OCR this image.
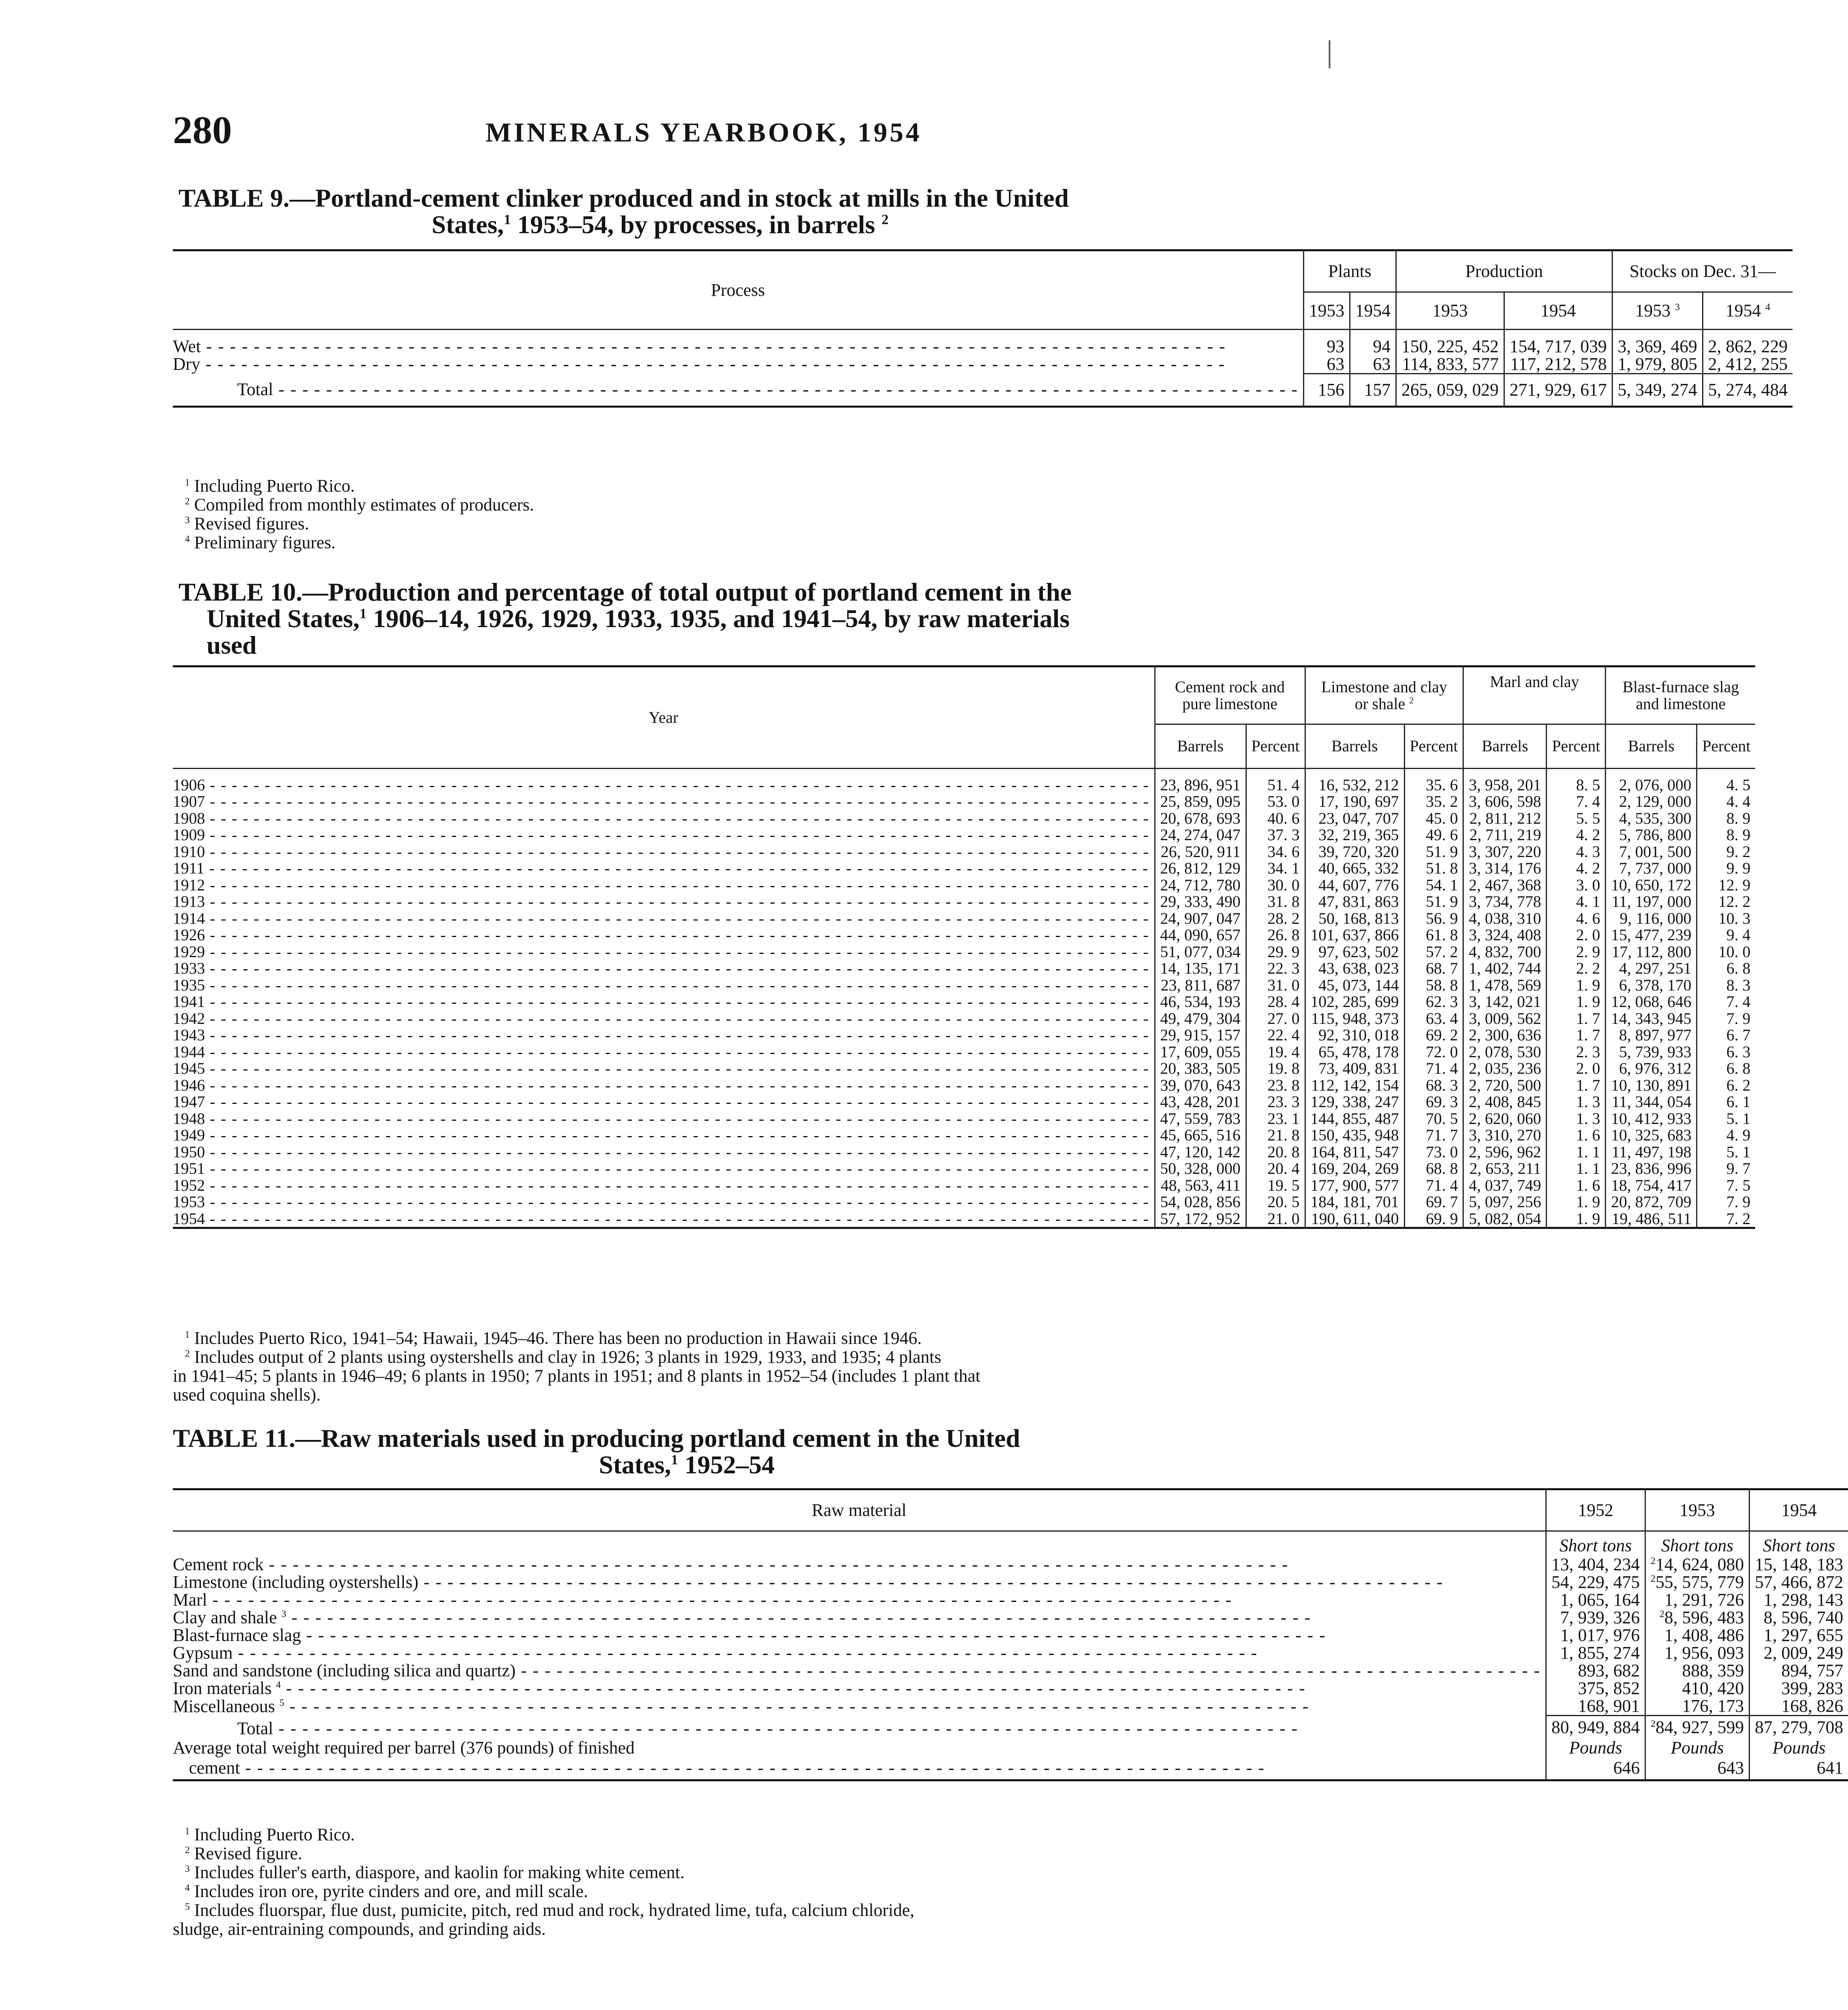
280	MINERALS YEARBOOK, 1954
TABLE 9.—Portland-cement clinker produced and in stock at mills in the United
States,$^1$ 1953–54, by processes, in barrels $^2$
Process	Plants		Production		Stocks on Dec. 31—	
	1953	1954	1953	1954	1953 $^3$	1954 $^4$

Wet - - -	93	94	150, 225, 452	154, 717, 039	3, 369, 469	2, 862, 229
Dry - - -	63	63	114, 833, 577	117, 212, 578	1, 979, 805	2, 412, 255
Total - - -	156	157	265, 059, 029	271, 929, 617	5, 349, 274	5, 274, 484
$^1$ Including Puerto Rico.
$^2$ Compiled from monthly estimates of producers.
$^3$ Revised figures.
$^4$ Preliminary figures.
TABLE 10.—Production and percentage of total output of portland cement in the
United States,$^1$ 1906–14, 1926, 1929, 1933, 1935, and 1941–54, by raw materials
used
Year	Cement rock and
pure limestone		Limestone and clay
or shale $^2$		Marl and clay		Blast-furnace slag
and limestone	
	Barrels	Percent	Barrels	Percent	Barrels	Percent	Barrels	Percent

1906 - - -	23, 896, 951	51. 4	16, 532, 212	35. 6	3, 958, 201	8. 5	2, 076, 000	4. 5
1907 - - -	25, 859, 095	53. 0	17, 190, 697	35. 2	3, 606, 598	7. 4	2, 129, 000	4. 4
1908 - - -	20, 678, 693	40. 6	23, 047, 707	45. 0	2, 811, 212	5. 5	4, 535, 300	8. 9
1909 - - -	24, 274, 047	37. 3	32, 219, 365	49. 6	2, 711, 219	4. 2	5, 786, 800	8. 9
1910 - - -	26, 520, 911	34. 6	39, 720, 320	51. 9	3, 307, 220	4. 3	7, 001, 500	9. 2
1911 - - -	26, 812, 129	34. 1	40, 665, 332	51. 8	3, 314, 176	4. 2	7, 737, 000	9. 9
1912 - - -	24, 712, 780	30. 0	44, 607, 776	54. 1	2, 467, 368	3. 0	10, 650, 172	12. 9
1913 - - -	29, 333, 490	31. 8	47, 831, 863	51. 9	3, 734, 778	4. 1	11, 197, 000	12. 2
1914 - - -	24, 907, 047	28. 2	50, 168, 813	56. 9	4, 038, 310	4. 6	9, 116, 000	10. 3
1926 - - -	44, 090, 657	26. 8	101, 637, 866	61. 8	3, 324, 408	2. 0	15, 477, 239	9. 4
1929 - - -	51, 077, 034	29. 9	97, 623, 502	57. 2	4, 832, 700	2. 9	17, 112, 800	10. 0
1933 - - -	14, 135, 171	22. 3	43, 638, 023	68. 7	1, 402, 744	2. 2	4, 297, 251	6. 8
1935 - - -	23, 811, 687	31. 0	45, 073, 144	58. 8	1, 478, 569	1. 9	6, 378, 170	8. 3
1941 - - -	46, 534, 193	28. 4	102, 285, 699	62. 3	3, 142, 021	1. 9	12, 068, 646	7. 4
1942 - - -	49, 479, 304	27. 0	115, 948, 373	63. 4	3, 009, 562	1. 7	14, 343, 945	7. 9
1943 - - -	29, 915, 157	22. 4	92, 310, 018	69. 2	2, 300, 636	1. 7	8, 897, 977	6. 7
1944 - - -	17, 609, 055	19. 4	65, 478, 178	72. 0	2, 078, 530	2. 3	5, 739, 933	6. 3
1945 - - -	20, 383, 505	19. 8	73, 409, 831	71. 4	2, 035, 236	2. 0	6, 976, 312	6. 8
1946 - - -	39, 070, 643	23. 8	112, 142, 154	68. 3	2, 720, 500	1. 7	10, 130, 891	6. 2
1947 - - -	43, 428, 201	23. 3	129, 338, 247	69. 3	2, 408, 845	1. 3	11, 344, 054	6. 1
1948 - - -	47, 559, 783	23. 1	144, 855, 487	70. 5	2, 620, 060	1. 3	10, 412, 933	5. 1
1949 - - -	45, 665, 516	21. 8	150, 435, 948	71. 7	3, 310, 270	1. 6	10, 325, 683	4. 9
1950 - - -	47, 120, 142	20. 8	164, 811, 547	73. 0	2, 596, 962	1. 1	11, 497, 198	5. 1
1951 - - -	50, 328, 000	20. 4	169, 204, 269	68. 8	2, 653, 211	1. 1	23, 836, 996	9. 7
1952 - - -	48, 563, 411	19. 5	177, 900, 577	71. 4	4, 037, 749	1. 6	18, 754, 417	7. 5
1953 - - -	54, 028, 856	20. 5	184, 181, 701	69. 7	5, 097, 256	1. 9	20, 872, 709	7. 9
1954 - - -	57, 172, 952	21. 0	190, 611, 040	69. 9	5, 082, 054	1. 9	19, 486, 511	7. 2
$^1$ Includes Puerto Rico, 1941–54; Hawaii, 1945–46. There has been no production in Hawaii since 1946.
$^2$ Includes output of 2 plants using oystershells and clay in 1926; 3 plants in 1929, 1933, and 1935; 4 plants
in 1941–45; 5 plants in 1946–49; 6 plants in 1950; 7 plants in 1951; and 8 plants in 1952–54 (includes 1 plant that
used coquina shells).
TABLE 11.—Raw materials used in producing portland cement in the United
States,$^1$ 1952–54
Raw material	1952	1953	1954
	Short tons	Short tons	Short tons
Cement rock - - -	13, 404, 234	$^2$14, 624, 080	15, 148, 183
Limestone (including oystershells) - - -	54, 229, 475	$^2$55, 575, 779	57, 466, 872
Marl - - -	1, 065, 164	1, 291, 726	1, 298, 143
Clay and shale $^3$ - - -	7, 939, 326	$^2$8, 596, 483	8, 596, 740
Blast-furnace slag - - -	1, 017, 976	1, 408, 486	1, 297, 655
Gypsum - - -	1, 855, 274	1, 956, 093	2, 009, 249
Sand and sandstone (including silica and quartz) - - -	893, 682	888, 359	894, 757
Iron materials $^4$ - - -	375, 852	410, 420	399, 283
Miscellaneous $^5$ - - -	168, 901	176, 173	168, 826
Total - - -	80, 949, 884	$^2$84, 927, 599	87, 279, 708
Average total weight required per barrel (376 pounds) of finished	Pounds	Pounds	Pounds
cement - - -	646	643	641
$^1$ Including Puerto Rico.
$^2$ Revised figure.
$^3$ Includes fuller's earth, diaspore, and kaolin for making white cement.
$^4$ Includes iron ore, pyrite cinders and ore, and mill scale.
$^5$ Includes fluorspar, flue dust, pumicite, pitch, red mud and rock, hydrated lime, tufa, calcium chloride,
sludge, air-entraining compounds, and grinding aids.
